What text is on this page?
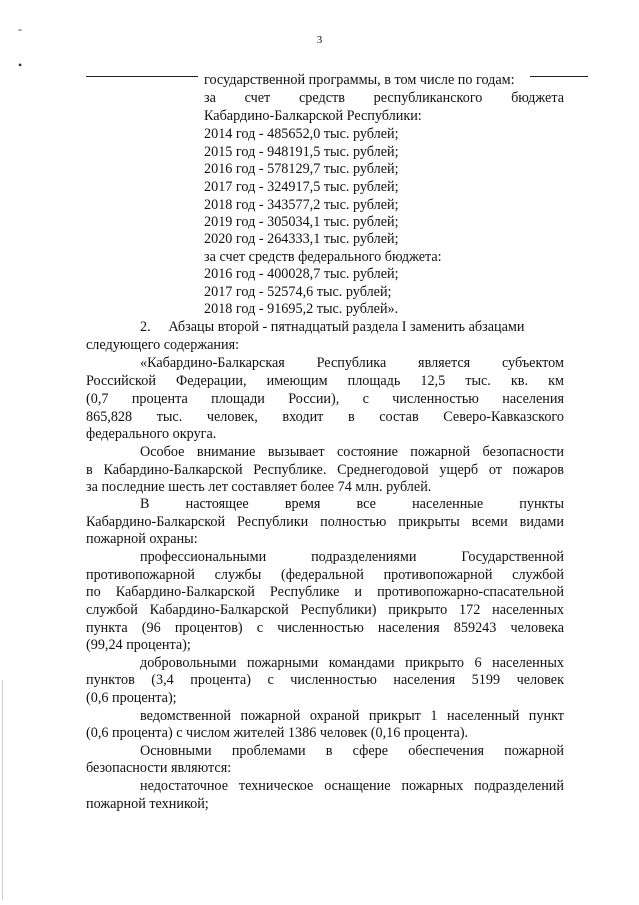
3
-
•
государственной программы, в том числе по годам:
за счет средств республиканского бюджета
Кабардино-Балкарской Республики:
2014 год - 485652,0 тыс. рублей;
2015 год - 948191,5 тыс. рублей;
2016 год - 578129,7 тыс. рублей;
2017 год - 324917,5 тыс. рублей;
2018 год - 343577,2 тыс. рублей;
2019 год - 305034,1 тыс. рублей;
2020 год - 264333,1 тыс. рублей;
за счет средств федерального бюджета:
2016 год - 400028,7 тыс. рублей;
2017 год - 52574,6 тыс. рублей;
2018 год - 91695,2 тыс. рублей».
2.     Абзацы второй - пятнадцатый раздела I заменить абзацами
следующего содержания:
«Кабардино-Балкарская Республика является субъектом
Российской Федерации, имеющим площадь 12,5 тыс. кв. км
(0,7 процента площади России), с численностью населения
865,828 тыс. человек, входит в состав Северо-Кавказского
федерального округа.
Особое внимание вызывает состояние пожарной безопасности
в Кабардино-Балкарской Республике. Среднегодовой ущерб от пожаров
за последние шесть лет составляет более 74 млн. рублей.
В настоящее время все населенные пункты
Кабардино-Балкарской Республики полностью прикрыты всеми видами
пожарной охраны:
профессиональными подразделениями Государственной
противопожарной службы (федеральной противопожарной службой
по Кабардино-Балкарской Республике и противопожарно-спасательной
службой Кабардино-Балкарской Республики) прикрыто 172 населенных
пункта (96 процентов) с численностью населения 859243 человека
(99,24 процента);
добровольными пожарными командами прикрыто 6 населенных
пунктов (3,4 процента) с численностью населения 5199 человек
(0,6 процента);
ведомственной пожарной охраной прикрыт 1 населенный пункт
(0,6 процента) с числом жителей 1386 человек (0,16 процента).
Основными проблемами в сфере обеспечения пожарной
безопасности являются:
недостаточное техническое оснащение пожарных подразделений
пожарной техникой;
